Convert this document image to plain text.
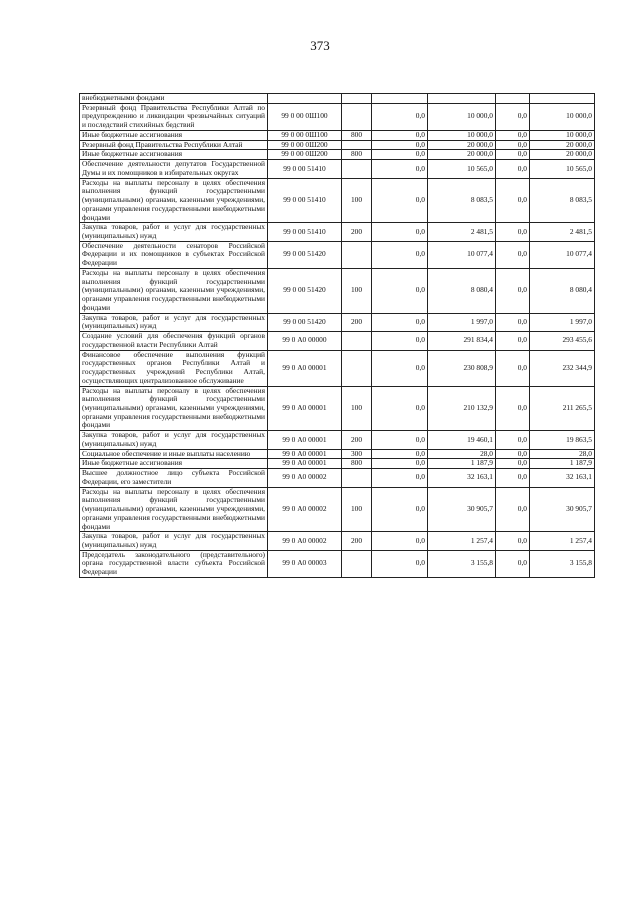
373
внебюджетными фондами						
Резервный фонд Правительства Республики Алтай по предупреждению и ликвидации чрезвычайных ситуаций и последствий стихийных бедствий	99 0 00 0Ш100		0,0	10 000,0	0,0	10 000,0
Иные бюджетные ассигнования	99 0 00 0Ш100	800	0,0	10 000,0	0,0	10 000,0
Резервный фонд Правительства Республики Алтай	99 0 00 0Ш200		0,0	20 000,0	0,0	20 000,0
Иные бюджетные ассигнования	99 0 00 0Ш200	800	0,0	20 000,0	0,0	20 000,0
Обеспечение деятельности депутатов Государственной Думы и их помощников в избирательных округах	99 0 00 51410		0,0	10 565,0	0,0	10 565,0
Расходы на выплаты персоналу в целях обеспечения выполнения функций государственными (муниципальными) органами, казенными учреждениями, органами управления государственными внебюджетными фондами	99 0 00 51410	100	0,0	8 083,5	0,0	8 083,5
Закупка товаров, работ и услуг для государственных (муниципальных) нужд	99 0 00 51410	200	0,0	2 481,5	0,0	2 481,5
Обеспечение деятельности сенаторов Российской Федерации и их помощников в субъектах Российской Федерации	99 0 00 51420		0,0	10 077,4	0,0	10 077,4
Расходы на выплаты персоналу в целях обеспечения выполнения функций государственными (муниципальными) органами, казенными учреждениями, органами управления государственными внебюджетными фондами	99 0 00 51420	100	0,0	8 080,4	0,0	8 080,4
Закупка товаров, работ и услуг для государственных (муниципальных) нужд	99 0 00 51420	200	0,0	1 997,0	0,0	1 997,0
Создание условий для обеспечения функций органов государственной власти Республики Алтай	99 0 А0 00000		0,0	291 834,4	0,0	293 455,6
Финансовое обеспечение выполнения функций государственных органов Республики Алтай и государственных учреждений Республики Алтай, осуществляющих централизованное обслуживание	99 0 А0 00001		0,0	230 808,9	0,0	232 344,9
Расходы на выплаты персоналу в целях обеспечения выполнения функций государственными (муниципальными) органами, казенными учреждениями, органами управления государственными внебюджетными фондами	99 0 А0 00001	100	0,0	210 132,9	0,0	211 265,5
Закупка товаров, работ и услуг для государственных (муниципальных) нужд	99 0 А0 00001	200	0,0	19 460,1	0,0	19 863,5
Социальное обеспечение и иные выплаты населению	99 0 А0 00001	300	0,0	28,0	0,0	28,0
Иные бюджетные ассигнования	99 0 А0 00001	800	0,0	1 187,9	0,0	1 187,9
Высшее должностное лицо субъекта Российской Федерации, его заместители	99 0 А0 00002		0,0	32 163,1	0,0	32 163,1
Расходы на выплаты персоналу в целях обеспечения выполнения функций государственными (муниципальными) органами, казенными учреждениями, органами управления государственными внебюджетными фондами	99 0 А0 00002	100	0,0	30 905,7	0,0	30 905,7
Закупка товаров, работ и услуг для государственных (муниципальных) нужд	99 0 А0 00002	200	0,0	1 257,4	0,0	1 257,4
Председатель законодательного (представительного) органа государственной власти субъекта Российской Федерации	99 0 А0 00003		0,0	3 155,8	0,0	3 155,8
